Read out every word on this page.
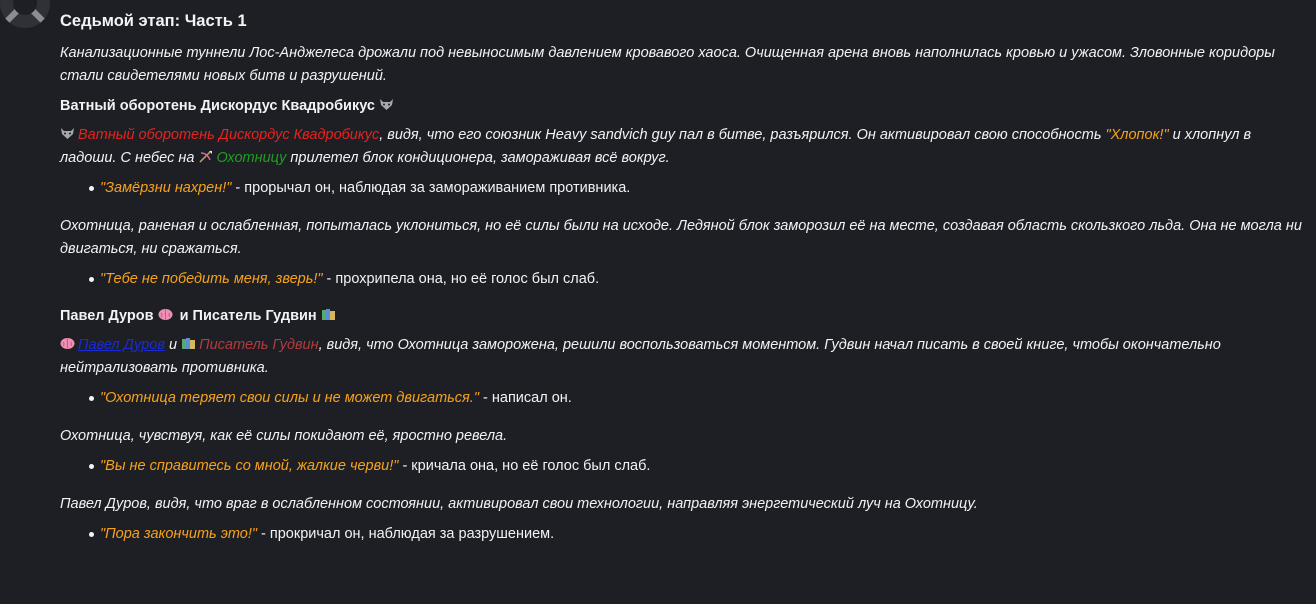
Седьмой этап: Часть 1
Канализационные туннели Лос-Анджелеса дрожали под невыносимым давлением кровавого хаоса. Очищенная арена вновь наполнилась кровью и ужасом. Зловонные коридоры стали свидетелями новых битв и разрушений.
Ватный оборотень Дискордус Квадробикус
Ватный оборотень Дискордус Квадробикус, видя, что его союзник Heavy sandvich guy пал в битве, разъярился. Он активировал свою способность "Хлопок!" и хлопнул в ладоши. С небес на
Охотницу прилетел блок кондиционера, замораживая всё вокруг.
"Замёрзни нахрен!" - прорычал он, наблюдая за замораживанием противника.
Охотница, раненая и ослабленная, попыталась уклониться, но её силы были на исходе. Ледяной блок заморозил её на месте, создавая область скользкого льда. Она не могла ни двигаться, ни сражаться.
"Тебе не победить меня, зверь!" - прохрипела она, но её голос был слаб.
Павел Дуров
и Писатель Гудвин
Павел Дуров и
Писатель Гудвин, видя, что Охотница заморожена, решили воспользоваться моментом. Гудвин начал писать в своей книге, чтобы окончательно нейтрализовать противника.
"Охотница теряет свои силы и не может двигаться." - написал он.
Охотница, чувствуя, как её силы покидают её, яростно ревела.
"Вы не справитесь со мной, жалкие черви!" - кричала она, но её голос был слаб.
Павел Дуров, видя, что враг в ослабленном состоянии, активировал свои технологии, направляя энергетический луч на Охотницу.
"Пора закончить это!" - прокричал он, наблюдая за разрушением.
